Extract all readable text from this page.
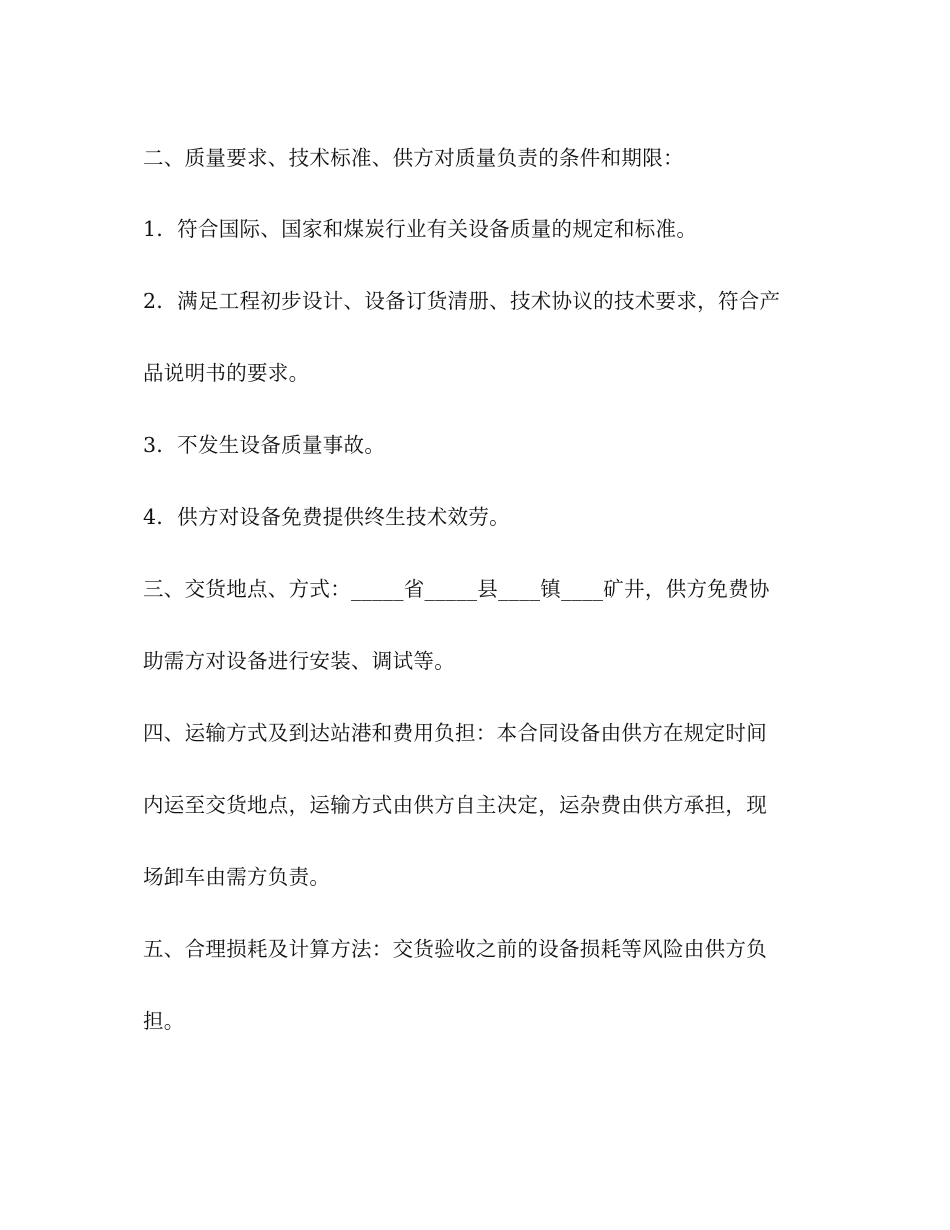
二、质量要求、技术标准、供方对质量负责的条件和期限：
1．符合国际、国家和煤炭行业有关设备质量的规定和标准。
2．满足工程初步设计、设备订货清册、技术协议的技术要求，符合产
品说明书的要求。
3．不发生设备质量事故。
4．供方对设备免费提供终生技术效劳。
三、交货地点、方式：_____省_____县____镇____矿井，供方免费协
助需方对设备进行安装、调试等。
四、运输方式及到达站港和费用负担：本合同设备由供方在规定时间
内运至交货地点，运输方式由供方自主决定，运杂费由供方承担，现
场卸车由需方负责。
五、合理损耗及计算方法：交货验收之前的设备损耗等风险由供方负
担。
